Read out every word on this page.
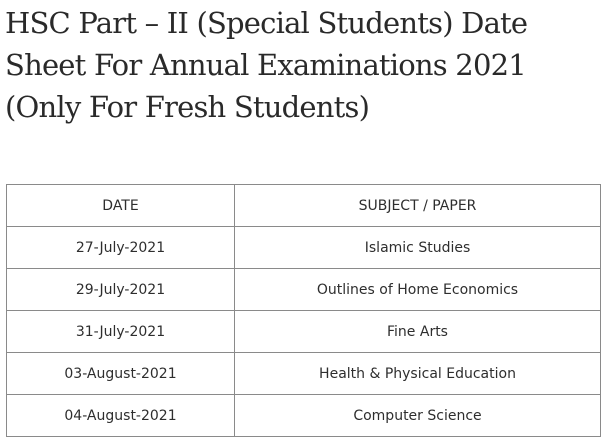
HSC Part – II (Special Students) Date Sheet For Annual Examinations 2021 (Only For Fresh Students)
DATE	SUBJECT / PAPER
27-July-2021	Islamic Studies
29-July-2021	Outlines of Home Economics
31-July-2021	Fine Arts
03-August-2021	Health & Physical Education
04-August-2021	Computer Science
